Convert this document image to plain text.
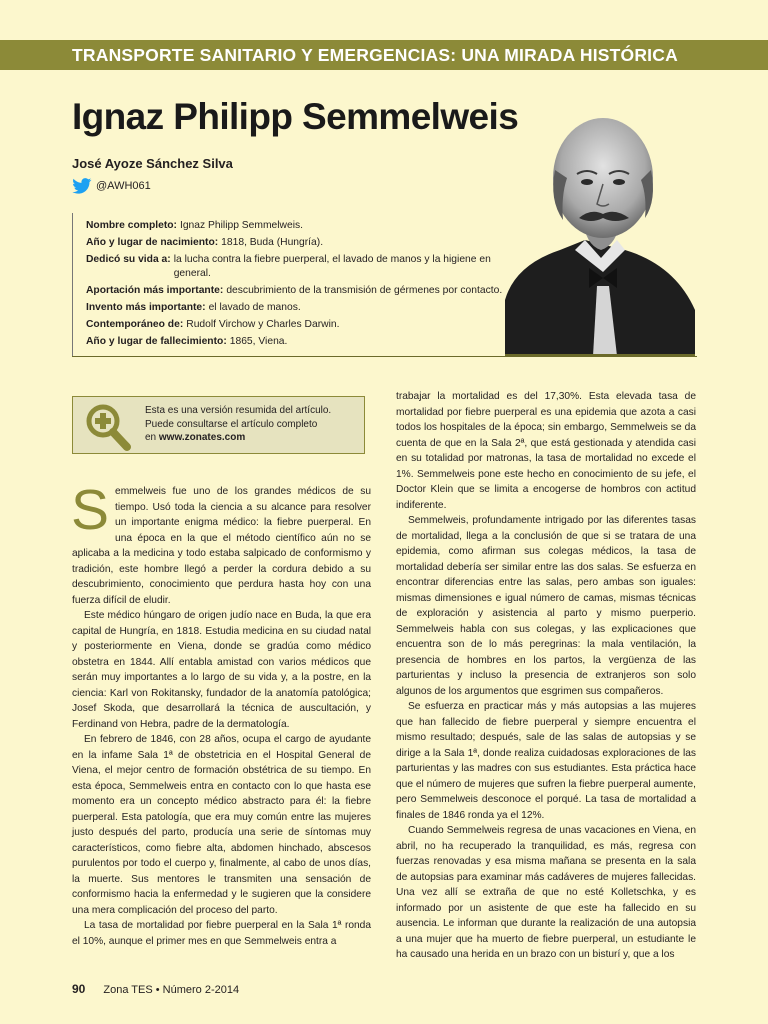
TRANSPORTE SANITARIO Y EMERGENCIAS: UNA MIRADA HISTÓRICA
Ignaz Philipp Semmelweis
José Ayoze Sánchez Silva
@AWH061
Nombre completo: Ignaz Philipp Semmelweis.
Año y lugar de nacimiento: 1818, Buda (Hungría).
Dedicó su vida a: la lucha contra la fiebre puerperal, el lavado de manos y la higiene en general.
Aportación más importante: descubrimiento de la transmisión de gérmenes por contacto.
Invento más importante: el lavado de manos.
Contemporáneo de: Rudolf Virchow y Charles Darwin.
Año y lugar de fallecimiento: 1865, Viena.
Esta es una versión resumida del artículo.
Puede consultarse el artículo completo
en www.zonates.com

Semmelweis fue uno de los grandes médicos de su tiempo. Usó toda la ciencia a su alcance para resolver un importante enigma médico: la fiebre puerperal. En una época en la que el método científico aún no se aplicaba a la medicina y todo estaba salpicado de conformismo y tradición, este hombre llegó a perder la cordura debido a su descubrimiento, conocimiento que perdura hasta hoy con una fuerza difícil de eludir.

Este médico húngaro de origen judío nace en Buda, la que era capital de Hungría, en 1818. Estudia medicina en su ciudad natal y posteriormente en Viena, donde se gradúa como médico obstetra en 1844. Allí entabla amistad con varios médicos que serán muy importantes a lo largo de su vida y, a la postre, en la ciencia: Karl von Rokitansky, fundador de la anatomía patológica; Josef Skoda, que desarrollará la técnica de auscultación, y Ferdinand von Hebra, padre de la dermatología.

En febrero de 1846, con 28 años, ocupa el cargo de ayudante en la infame Sala 1ª de obstetricia en el Hospital General de Viena, el mejor centro de formación obstétrica de su tiempo. En esta época, Semmelweis entra en contacto con lo que hasta ese momento era un concepto médico abstracto para él: la fiebre puerperal. Esta patología, que era muy común entre las mujeres justo después del parto, producía una serie de síntomas muy característicos, como fiebre alta, abdomen hinchado, abscesos purulentos por todo el cuerpo y, finalmente, al cabo de unos días, la muerte. Sus mentores le transmiten una sensación de conformismo hacia la enfermedad y le sugieren que la considere una mera complicación del proceso del parto.

La tasa de mortalidad por fiebre puerperal en la Sala 1ª ronda el 10%, aunque el primer mes en que Semmelweis entra a

trabajar la mortalidad es del 17,30%. Esta elevada tasa de mortalidad por fiebre puerperal es una epidemia que azota a casi todos los hospitales de la época; sin embargo, Semmelweis se da cuenta de que en la Sala 2ª, que está gestionada y atendida casi en su totalidad por matronas, la tasa de mortalidad no excede el 1%. Semmelweis pone este hecho en conocimiento de su jefe, el Doctor Klein que se limita a encogerse de hombros con actitud indiferente.

Semmelweis, profundamente intrigado por las diferentes tasas de mortalidad, llega a la conclusión de que si se tratara de una epidemia, como afirman sus colegas médicos, la tasa de mortalidad debería ser similar entre las dos salas. Se esfuerza en encontrar diferencias entre las salas, pero ambas son iguales: mismas dimensiones e igual número de camas, mismas técnicas de exploración y asistencia al parto y mismo puerperio. Semmelweis habla con sus colegas, y las explicaciones que encuentra son de lo más peregrinas: la mala ventilación, la presencia de hombres en los partos, la vergüenza de las parturientas y incluso la presencia de extranjeros son solo algunos de los argumentos que esgrimen sus compañeros.

Se esfuerza en practicar más y más autopsias a las mujeres que han fallecido de fiebre puerperal y siempre encuentra el mismo resultado; después, sale de las salas de autopsias y se dirige a la Sala 1ª, donde realiza cuidadosas exploraciones de las parturientas y las madres con sus estudiantes. Esta práctica hace que el número de mujeres que sufren la fiebre puerperal aumente, pero Semmelweis desconoce el porqué. La tasa de mortalidad a finales de 1846 ronda ya el 12%.

Cuando Semmelweis regresa de unas vacaciones en Viena, en abril, no ha recuperado la tranquilidad, es más, regresa con fuerzas renovadas y esa misma mañana se presenta en la sala de autopsias para examinar más cadáveres de mujeres fallecidas. Una vez allí se extraña de que no esté Kolletschka, y es informado por un asistente de que este ha fallecido en su ausencia. Le informan que durante la realización de una autopsia a una mujer que ha muerto de fiebre puerperal, un estudiante le ha causado una herida en un brazo con un bisturí y, que a los

90 Zona TES • Número 2-2014
